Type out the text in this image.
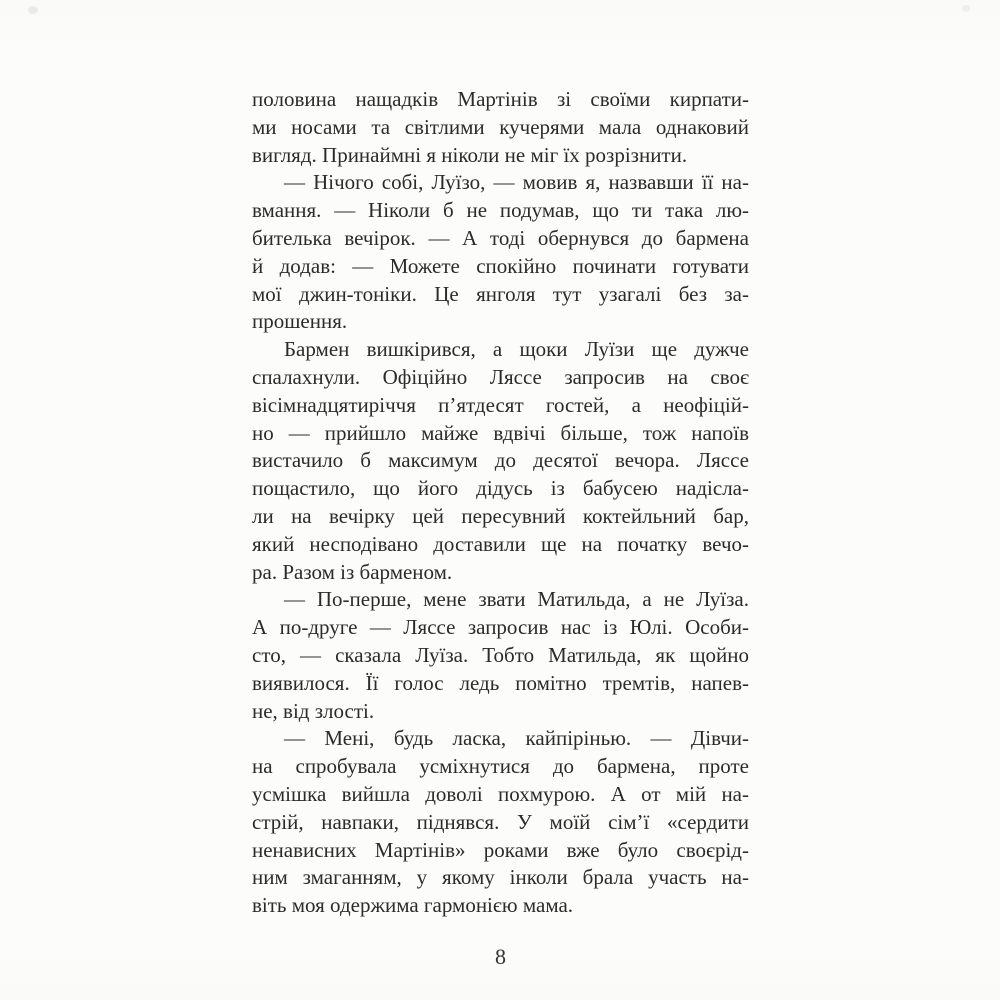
половина нащадків Мартінів зі своїми кирпати-
ми носами та світлими кучерями мала однаковий
вигляд. Принаймні я ніколи не міг їх розрізнити.
— Нічого собі, Луїзо, — мовив я, назвавши її на-
вмання. — Ніколи б не подумав, що ти така лю-
бителька вечірок. — А тоді обернувся до бармена
й додав: — Можете спокійно починати готувати
мої джин-тоніки. Це янголя тут узагалі без за-
прошення.
Бармен вишкірився, а щоки Луїзи ще дужче
спалахнули. Офіційно Ляссе запросив на своє
вісімнадцятиріччя п’ятдесят гостей, а неофіцій-
но — прийшло майже вдвічі більше, тож напоїв
вистачило б максимум до десятої вечора. Ляссе
пощастило, що його дідусь із бабусею надісла-
ли на вечірку цей пересувний коктейльний бар,
який несподівано доставили ще на початку вечо-
ра. Разом із барменом.
— По-перше, мене звати Матильда, а не Луїза.
А по-друге — Ляссе запросив нас із Юлі. Особи-
сто, — сказала Луїза. Тобто Матильда, як щойно
виявилося. Її голос ледь помітно тремтів, напев-
не, від злості.
— Мені, будь ласка, кайпірінью. — Дівчи-
на спробувала усміхнутися до бармена, проте
усмішка вийшла доволі похмурою. А от мій на-
стрій, навпаки, піднявся. У моїй сім’ї «сердити
ненависних Мартінів» роками вже було своєрід-
ним змаганням, у якому інколи брала участь на-
віть моя одержима гармонією мама.
8
